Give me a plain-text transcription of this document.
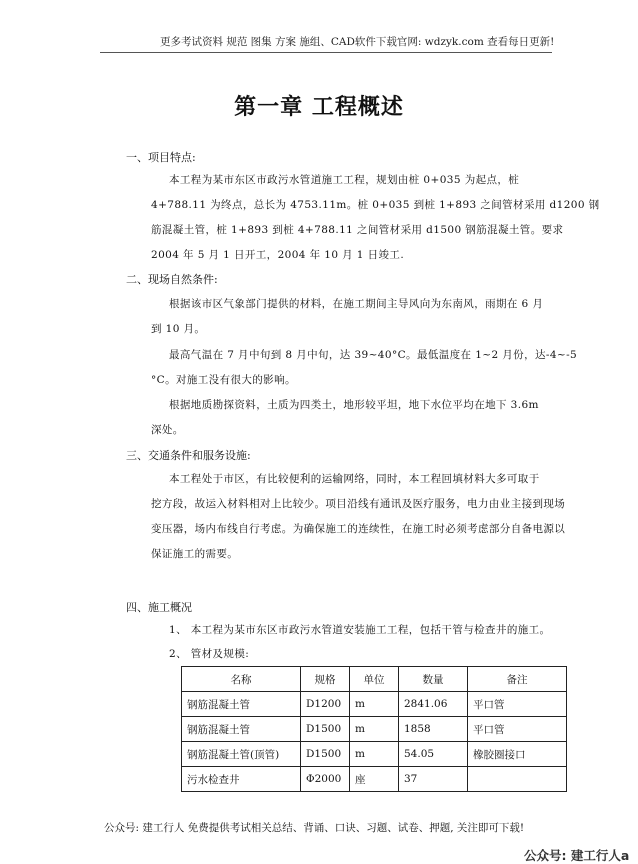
更多考试资料 规范 图集 方案 施组、CAD软件下载官网: wdzyk.com 查看每日更新!
第一章 工程概述
一、项目特点:
本工程为某市东区市政污水管道施工工程，规划由桩 0+035 为起点，桩
4+788.11 为终点，总长为 4753.11m。桩 0+035 到桩 1+893 之间管材采用 d1200 钢
筋混凝土管，桩 1+893 到桩 4+788.11 之间管材采用 d1500 钢筋混凝土管。要求
2004 年 5 月 1 日开工，2004 年 10 月 1 日竣工.
二、现场自然条件:
根据该市区气象部门提供的材料，在施工期间主导风向为东南风，雨期在 6 月
到 10 月。
最高气温在 7 月中旬到 8 月中旬，达 39~40°C。最低温度在 1~2 月份，达-4~-5
°C。对施工没有很大的影响。
根据地质勘探资料，土质为四类土，地形较平坦，地下水位平均在地下 3.6m
深处。
三、交通条件和服务设施:
本工程处于市区，有比较便利的运输网络，同时，本工程回填材料大多可取于
挖方段，故运入材料相对上比较少。项目沿线有通讯及医疗服务，电力由业主接到现场
变压器，场内布线自行考虑。为确保施工的连续性，在施工时必须考虑部分自备电源以
保证施工的需要。
四、施工概况
1、 本工程为某市东区市政污水管道安装施工工程，包括干管与检查井的施工。
2、 管材及规模:
名称	规格	单位	数量	备注
钢筋混凝土管	D1200	m	2841.06	平口管
钢筋混凝土管	D1500	m	1858	平口管
钢筋混凝土管(顶管)	D1500	m	54.05	橡胶圈接口
污水检查井	Φ2000	座	37	
公众号: 建工行人 免费提供考试相关总结、背诵、口诀、习题、试卷、押题, 关注即可下载!
公众号: 建工行人a
